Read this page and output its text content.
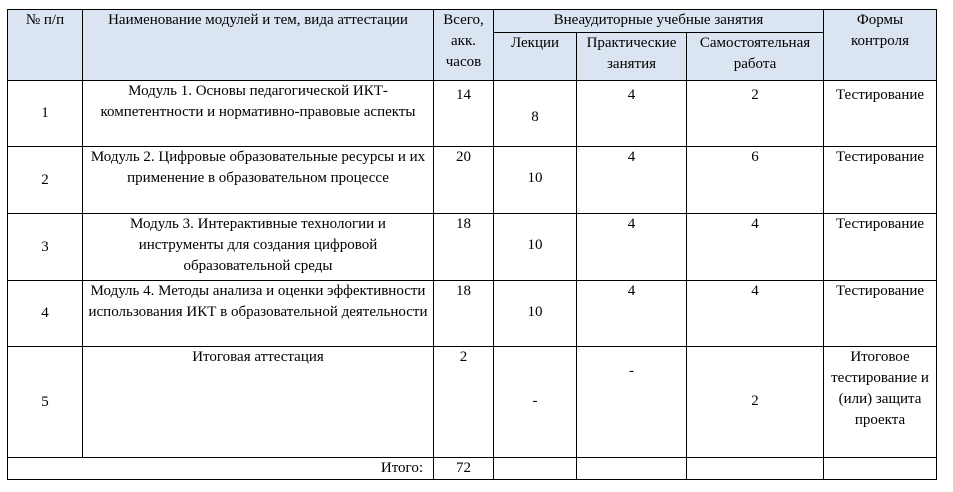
№ п/п	Наименование модулей и тем, вида аттестации	Всего, акк. часов	Внеаудиторные учебные занятия			Формы контроля
			Лекции	Практические занятия	Самостоятельная работа	
1	Модуль 1. Основы педагогической ИКТ-компетентности и нормативно-правовые аспекты	14	8	4	2	Тестирование
2	Модуль 2. Цифровые образовательные ресурсы и их применение в образовательном процессе	20	10	4	6	Тестирование
3	Модуль 3. Интерактивные технологии и инструменты для создания цифровой образовательной среды	18	10	4	4	Тестирование
4	Модуль 4. Методы анализа и оценки эффективности использования ИКТ в образовательной деятельности	18	10	4	4	Тестирование
5	Итоговая аттестация	2	-	-	2	Итоговое тестирование и (или) защита проекта
Итого:		72				
